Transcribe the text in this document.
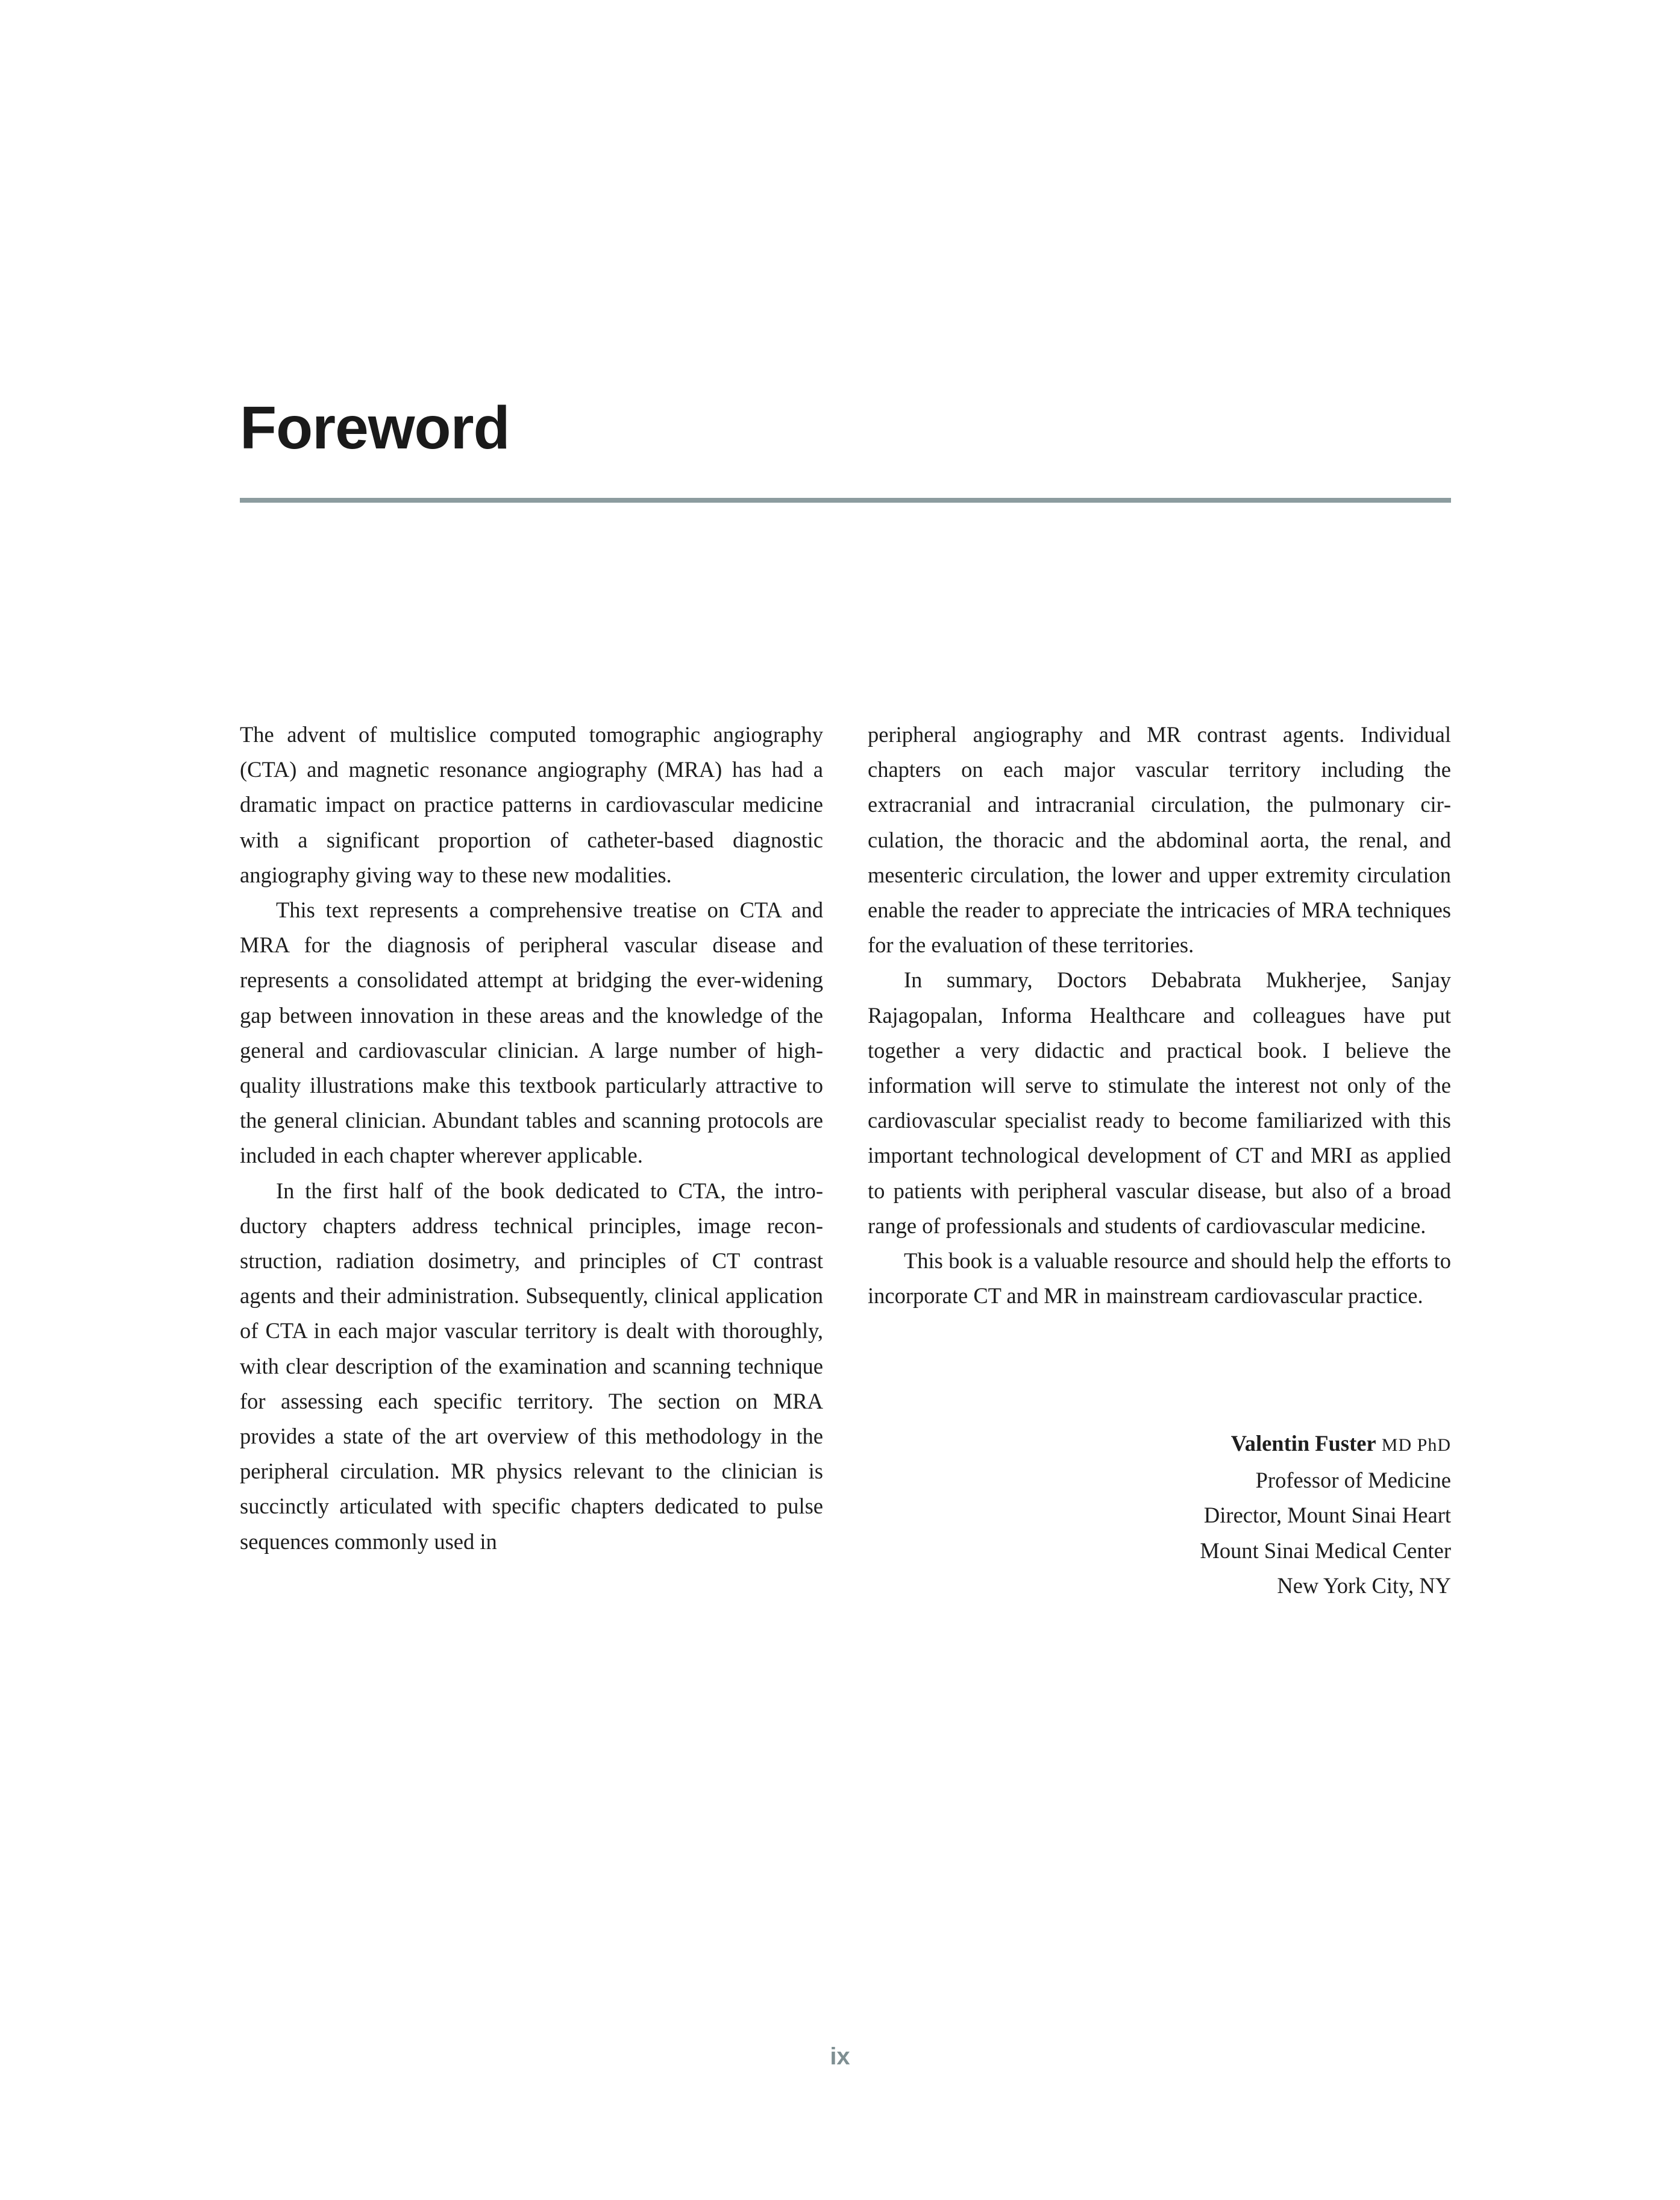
Foreword

The advent of multislice computed tomographic angiography (CTA) and magnetic resonance angiography (MRA) has had a dramatic impact on practice patterns in cardiovascular medicine with a significant proportion of catheter-based diagnostic angiography giving way to these new modalities.

This text represents a comprehensive treatise on CTA and MRA for the diagnosis of peripheral vascular disease and represents a consolidated attempt at bridging the ever-widening gap between innovation in these areas and the knowledge of the general and cardiovascular clinician. A large number of high-quality illustrations make this textbook particularly attractive to the general clinician. Abundant tables and scanning protocols are included in each chapter wherever applicable.

In the first half of the book dedicated to CTA, the introductory chapters address technical principles, image reconstruction, radiation dosimetry, and principles of CT contrast agents and their administration. Subsequently, clinical application of CTA in each major vascular territory is dealt with thoroughly, with clear description of the examination and scanning technique for assessing each specific territory. The section on MRA provides a state of the art overview of this methodology in the peripheral circulation. MR physics relevant to the clinician is succinctly articulated with specific chapters dedicated to pulse sequences commonly used in

peripheral angiography and MR contrast agents. Individual chapters on each major vascular territory including the extracranial and intracranial circulation, the pulmonary circulation, the thoracic and the abdominal aorta, the renal, and mesenteric circulation, the lower and upper extremity circulation enable the reader to appreciate the intricacies of MRA techniques for the evaluation of these territories.

In summary, Doctors Debabrata Mukherjee, Sanjay Rajagopalan, Informa Healthcare and colleagues have put together a very didactic and practical book. I believe the information will serve to stimulate the interest not only of the cardiovascular specialist ready to become familiarized with this important technological development of CT and MRI as applied to patients with peripheral vascular disease, but also of a broad range of professionals and students of cardiovascular medicine.

This book is a valuable resource and should help the efforts to incorporate CT and MR in mainstream cardiovascular practice.

Valentin Fuster MD PhD
Professor of Medicine
Director, Mount Sinai Heart
Mount Sinai Medical Center
New York City, NY
ix
